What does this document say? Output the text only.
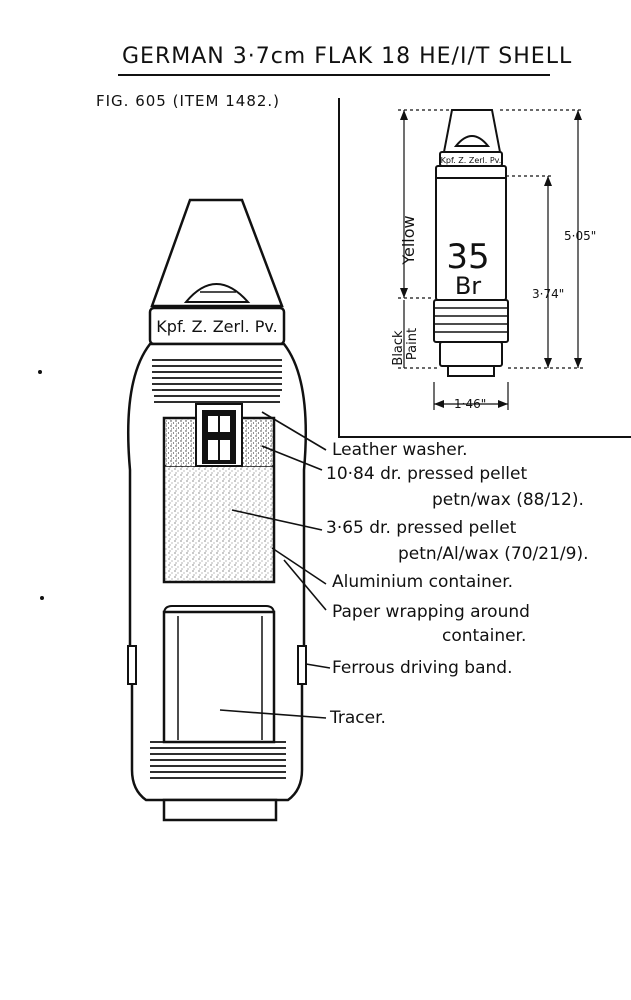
GERMAN 3·7cm FLAK 18 HE/I/T SHELL
FIG. 605 (ITEM 1482.)
Kpf. Z. Zerl. Pv.
35
Br
Yellow
Black Paint
5·05"
3·74"
1·46"
Kpf. Z. Zerl. Pv.
Leather washer.
10·84 dr. pressed pellet
petn/wax (88/12).
3·65 dr. pressed pellet
petn/Al/wax (70/21/9).
Aluminium container.
Paper wrapping around
container.
Ferrous driving band.
Tracer.
